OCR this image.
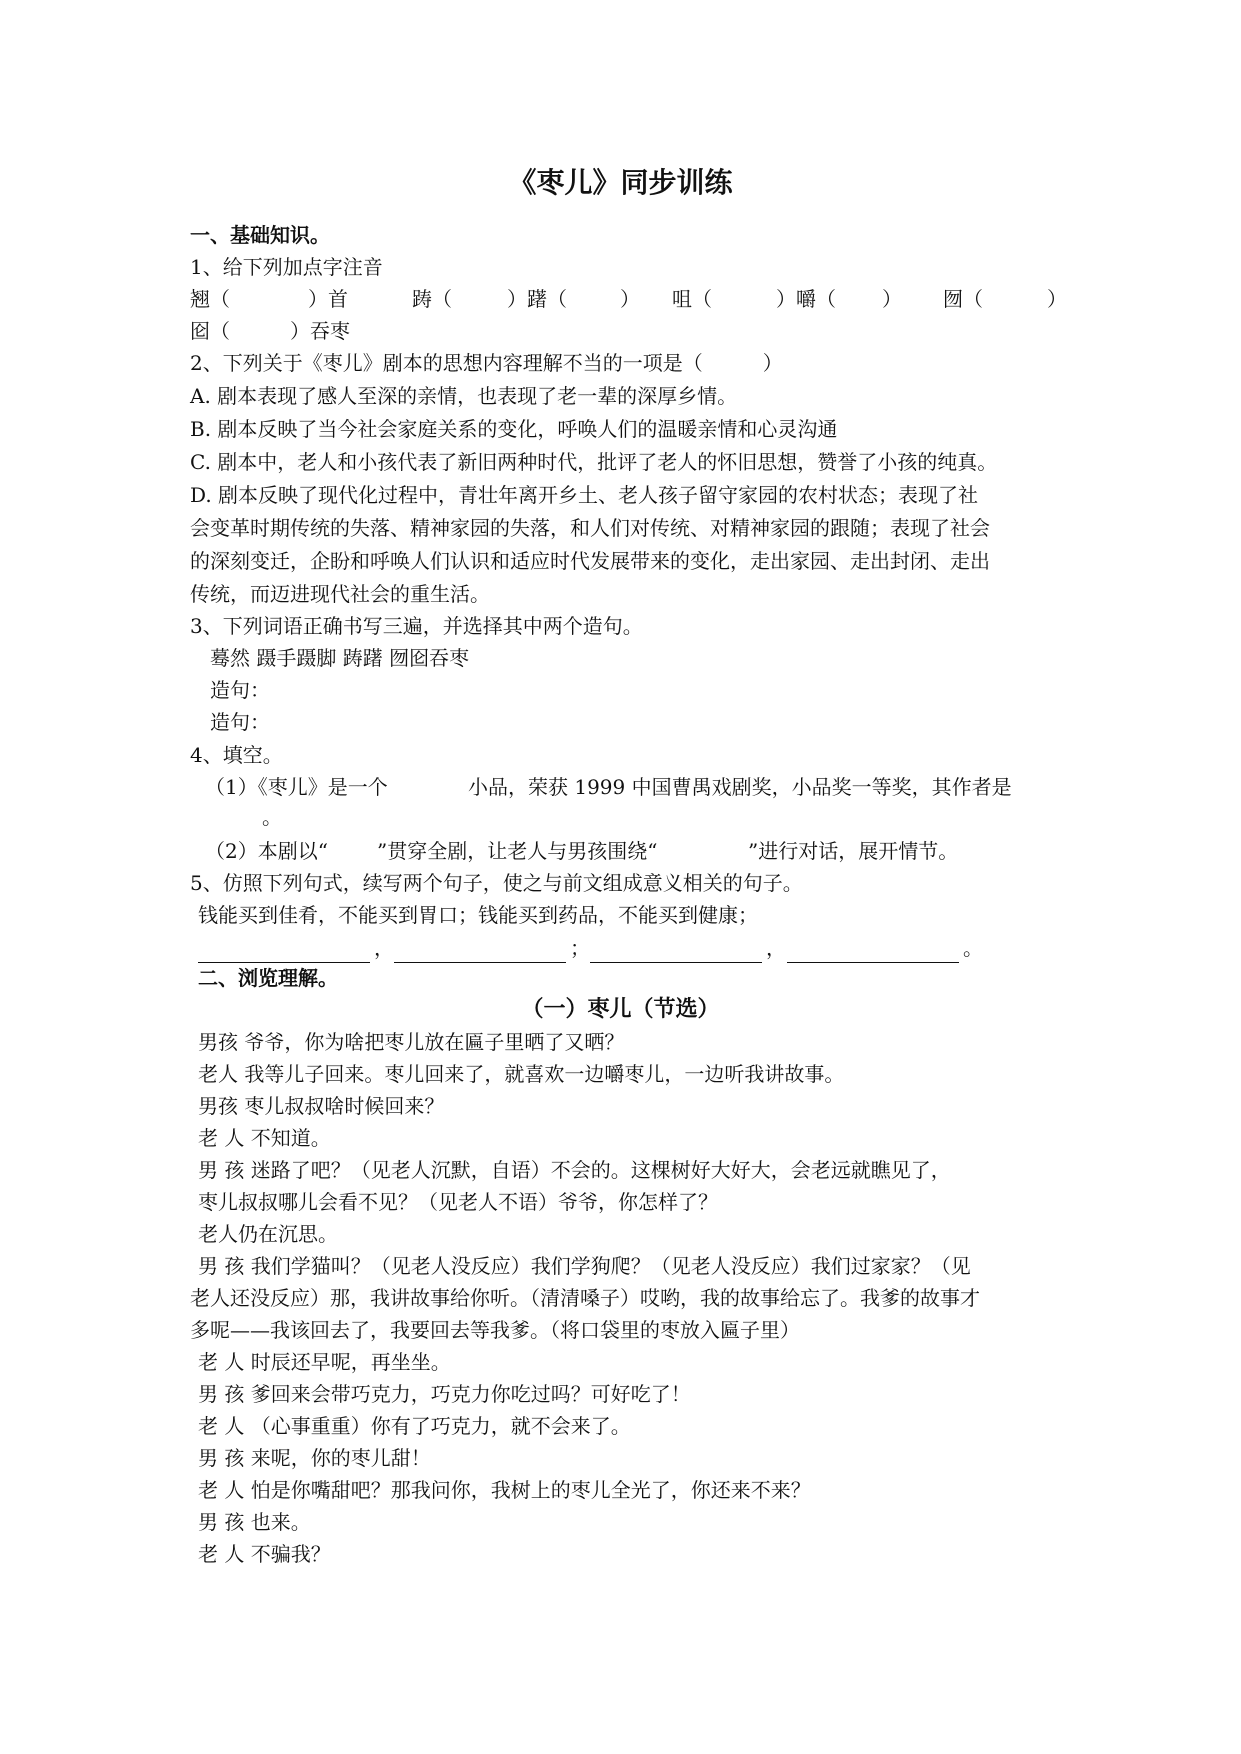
《枣儿》同步训练
一、基础知识。
1、给下列加点字注音
翘（	）首	踌（	）躇（	） 咀（	）嚼（ ） 囫（	）
囵（　　　）吞枣
2、下列关于《枣儿》剧本的思想内容理解不当的一项是（　　　）
A. 剧本表现了感人至深的亲情，也表现了老一辈的深厚乡情。
B. 剧本反映了当今社会家庭关系的变化，呼唤人们的温暖亲情和心灵沟通
C. 剧本中，老人和小孩代表了新旧两种时代，批评了老人的怀旧思想，赞誉了小孩的纯真。
D. 剧本反映了现代化过程中，青壮年离开乡土、老人孩子留守家园的农村状态；表现了社
会变革时期传统的失落、精神家园的失落，和人们对传统、对精神家园的跟随；表现了社会
的深刻变迁，企盼和呼唤人们认识和适应时代发展带来的变化，走出家园、走出封闭、走出
传统，而迈进现代社会的重生活。
3、下列词语正确书写三遍，并选择其中两个造句。
蓦然 蹑手蹑脚 踌躇 囫囵吞枣
造句：
造句：
4、填空。
（1）《枣儿》是一个	小品，荣获 1999 中国曹禺戏剧奖，小品奖一等奖，其作者是
。
（2）本剧以“ ”贯穿全剧，让老人与男孩围绕“	”进行对话，展开情节。
5、仿照下列句式，续写两个句子，使之与前文组成意义相关的句子。
钱能买到佳肴，不能买到胃口；钱能买到药品，不能买到健康；
，	；	，	。
二、浏览理解。
（一）枣儿（节选）
男孩 爷爷，你为啥把枣儿放在匾子里晒了又晒？
老人 我等儿子回来。枣儿回来了，就喜欢一边嚼枣儿，一边听我讲故事。
男孩 枣儿叔叔啥时候回来？
老 人 不知道。
男 孩 迷路了吧？（见老人沉默，自语）不会的。这棵树好大好大，会老远就瞧见了，
枣儿叔叔哪儿会看不见？（见老人不语）爷爷，你怎样了？
老人仍在沉思。
男 孩 我们学猫叫？（见老人没反应）我们学狗爬？（见老人没反应）我们过家家？（见
老人还没反应）那，我讲故事给你听。（清清嗓子）哎哟，我的故事给忘了。我爹的故事才
多呢——我该回去了，我要回去等我爹。（将口袋里的枣放入匾子里）
老 人 时辰还早呢，再坐坐。
男 孩 爹回来会带巧克力，巧克力你吃过吗？可好吃了！
老 人 （心事重重）你有了巧克力，就不会来了。
男 孩 来呢，你的枣儿甜！
老 人 怕是你嘴甜吧？那我问你，我树上的枣儿全光了，你还来不来？
男 孩 也来。
老 人 不骗我？
